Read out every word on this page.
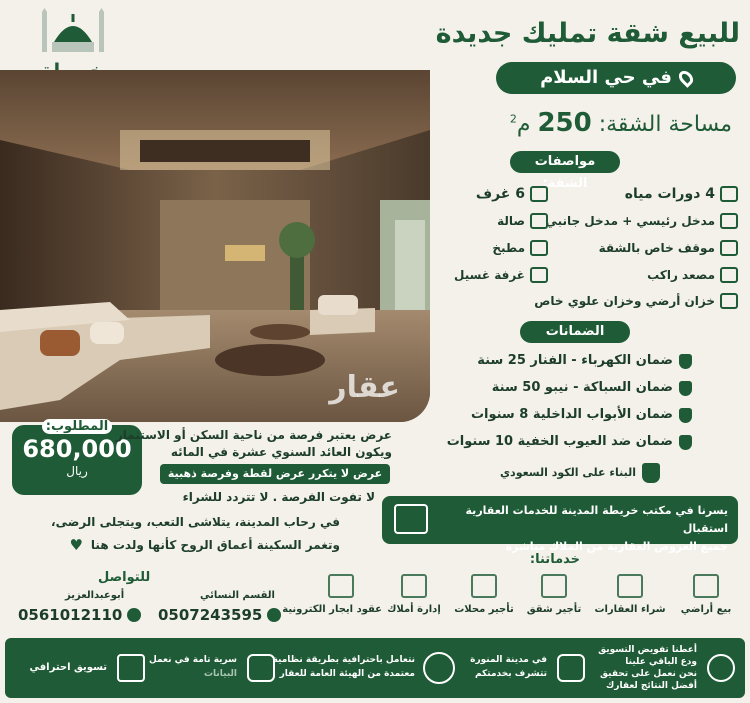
عقار
للبيع شقة تمليك جديدة
في حي السلام
مساحة الشقة: 250 م$^2$
مواصفات الشقة:
4 دورات مياه
مدخل رئيسي + مدخل جانبي
موقف خاص بالشقة
مصعد راكب
خزان أرضي وخزان علوي خاص
6 غرف
صالة
مطبخ
غرفة غسيل
الضمانات
ضمان الكهرباء - الفنار 25 سنة
ضمان السباكة - نيبو 50 سنة
ضمان الأبواب الداخلية 8 سنوات
ضمان ضد العيوب الخفية 10 سنوات
البناء على الكود السعودي
المطلوب:
680,000
ريال
عرض يعتبر فرصة من ناحية السكن أو الاستثمار
ويكون العائد السنوي عشرة في المائه
عرض لا يتكرر عرض لقطة وفرصة ذهبية
لا تفوت الفرصة . لا تتردد للشراء
في رحاب المدينة، يتلاشى التعب، ويتجلى الرضى،
وتغمر السكينة أعماق الروح كأنها ولدت هنا
♥
يسرنا في مكتب خريطة المدينة للخدمات العقارية استقبال
جميع العروض العقارية من الملاك مباشرة
خدماتنا:
بيع أراضي
شراء العقارات
تأجير شقق
تأجير محلات
إدارة أملاك
عقود ايجار الكترونية
للتواصل
القسم النسائي
أبوعبدالعزيز
0507243595
0561012110
أعطنا تفويض التسويق
ودع الباقي علينا
نحن نعمل على تحقيق
أفضل النتائج لعقارك
في مدينة المنورة
تتشرف بخدمتكم
نتعامل باحترافية بطريقة نظامية
معتمدة من الهيئة العامة للعقار
سرية تامة في نعمل
البيانات
تسويق احترافي
